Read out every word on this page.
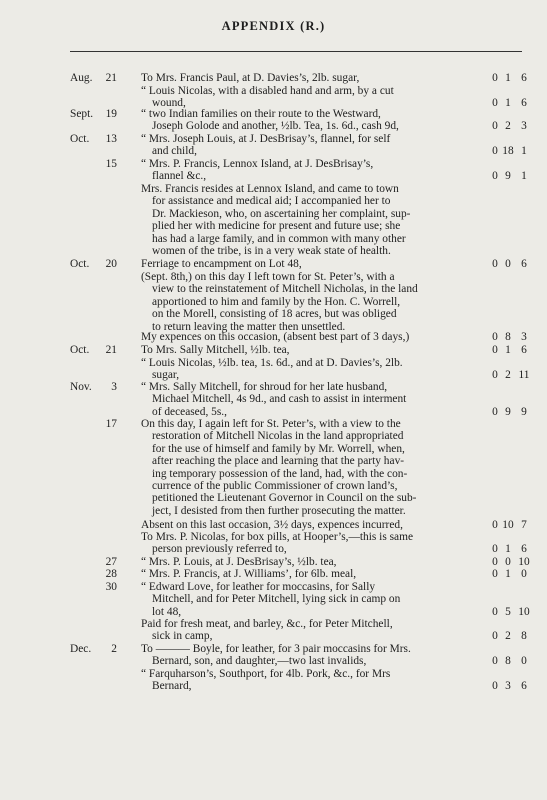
APPENDIX (R.)
Aug.	21 To Mrs. Francis Paul, at D. Davies’s, 2lb. sugar,	0 1 6
“ Louis Nicolas, with a disabled hand and arm, by a cut
wound,	0 1 6
Sept.	19 “ two Indian families on their route to the Westward,
Joseph Golode and another, ½lb. Tea, 1s. 6d., cash 9d,	0 2 3
Oct.	13 “ Mrs. Joseph Louis, at J. DesBrisay’s, flannel, for self
and child,	0 18 1
15 “ Mrs. P. Francis, Lennox Island, at J. DesBrisay’s,
flannel &c.,	0 9 1
Mrs. Francis resides at Lennox Island, and came to town
for assistance and medical aid; I accompanied her to
Dr. Mackieson, who, on ascertaining her complaint, sup-
plied her with medicine for present and future use; she
has had a large family, and in common with many other
women of the tribe, is in a very weak state of health.
Oct.	20 Ferriage to encampment on Lot 48,	0 0 6
(Sept. 8th,) on this day I left town for St. Peter’s, with a
view to the reinstatement of Mitchell Nicholas, in the land
apportioned to him and family by the Hon. C. Worrell,
on the Morell, consisting of 18 acres, but was obliged
to return leaving the matter then unsettled.
My expences on this occasion, (absent best part of 3 days,)	0 8 3
Oct.	21 To Mrs. Sally Mitchell, ½lb. tea,	0 1 6
“ Louis Nicolas, ½lb. tea, 1s. 6d., and at D. Davies’s, 2lb.
sugar,	0 2 11
Nov.	3 “ Mrs. Sally Mitchell, for shroud for her late husband,
Michael Mitchell, 4s 9d., and cash to assist in interment
of deceased, 5s.,	0 9 9
17 On this day, I again left for St. Peter’s, with a view to the
restoration of Mitchell Nicolas in the land appropriated
for the use of himself and family by Mr. Worrell, when,
after reaching the place and learning that the party hav-
ing temporary possession of the land, had, with the con-
currence of the public Commissioner of crown land’s,
petitioned the Lieutenant Governor in Council on the sub-
ject, I desisted from then further prosecuting the matter.
Absent on this last occasion, 3½ days, expences incurred,	0 10 7
To Mrs. P. Nicolas, for box pills, at Hooper’s,—this is same
person previously referred to,	0 1 6
27 “ Mrs. P. Louis, at J. DesBrisay’s, ½lb. tea,	0 0 10
28 “ Mrs. P. Francis, at J. Williams’, for 6lb. meal,	0 1 0
30 “ Edward Love, for leather for moccasins, for Sally
Mitchell, and for Peter Mitchell, lying sick in camp on
lot 48,	0 5 10
Paid for fresh meat, and barley, &c., for Peter Mitchell,
sick in camp,	0 2 8
Dec.	2 To ——— Boyle, for leather, for 3 pair moccasins for Mrs.
Bernard, son, and daughter,—two last invalids,	0 8 0
“ Farquharson’s, Southport, for 4lb. Pork, &c., for Mrs
Bernard,	0 3 6
